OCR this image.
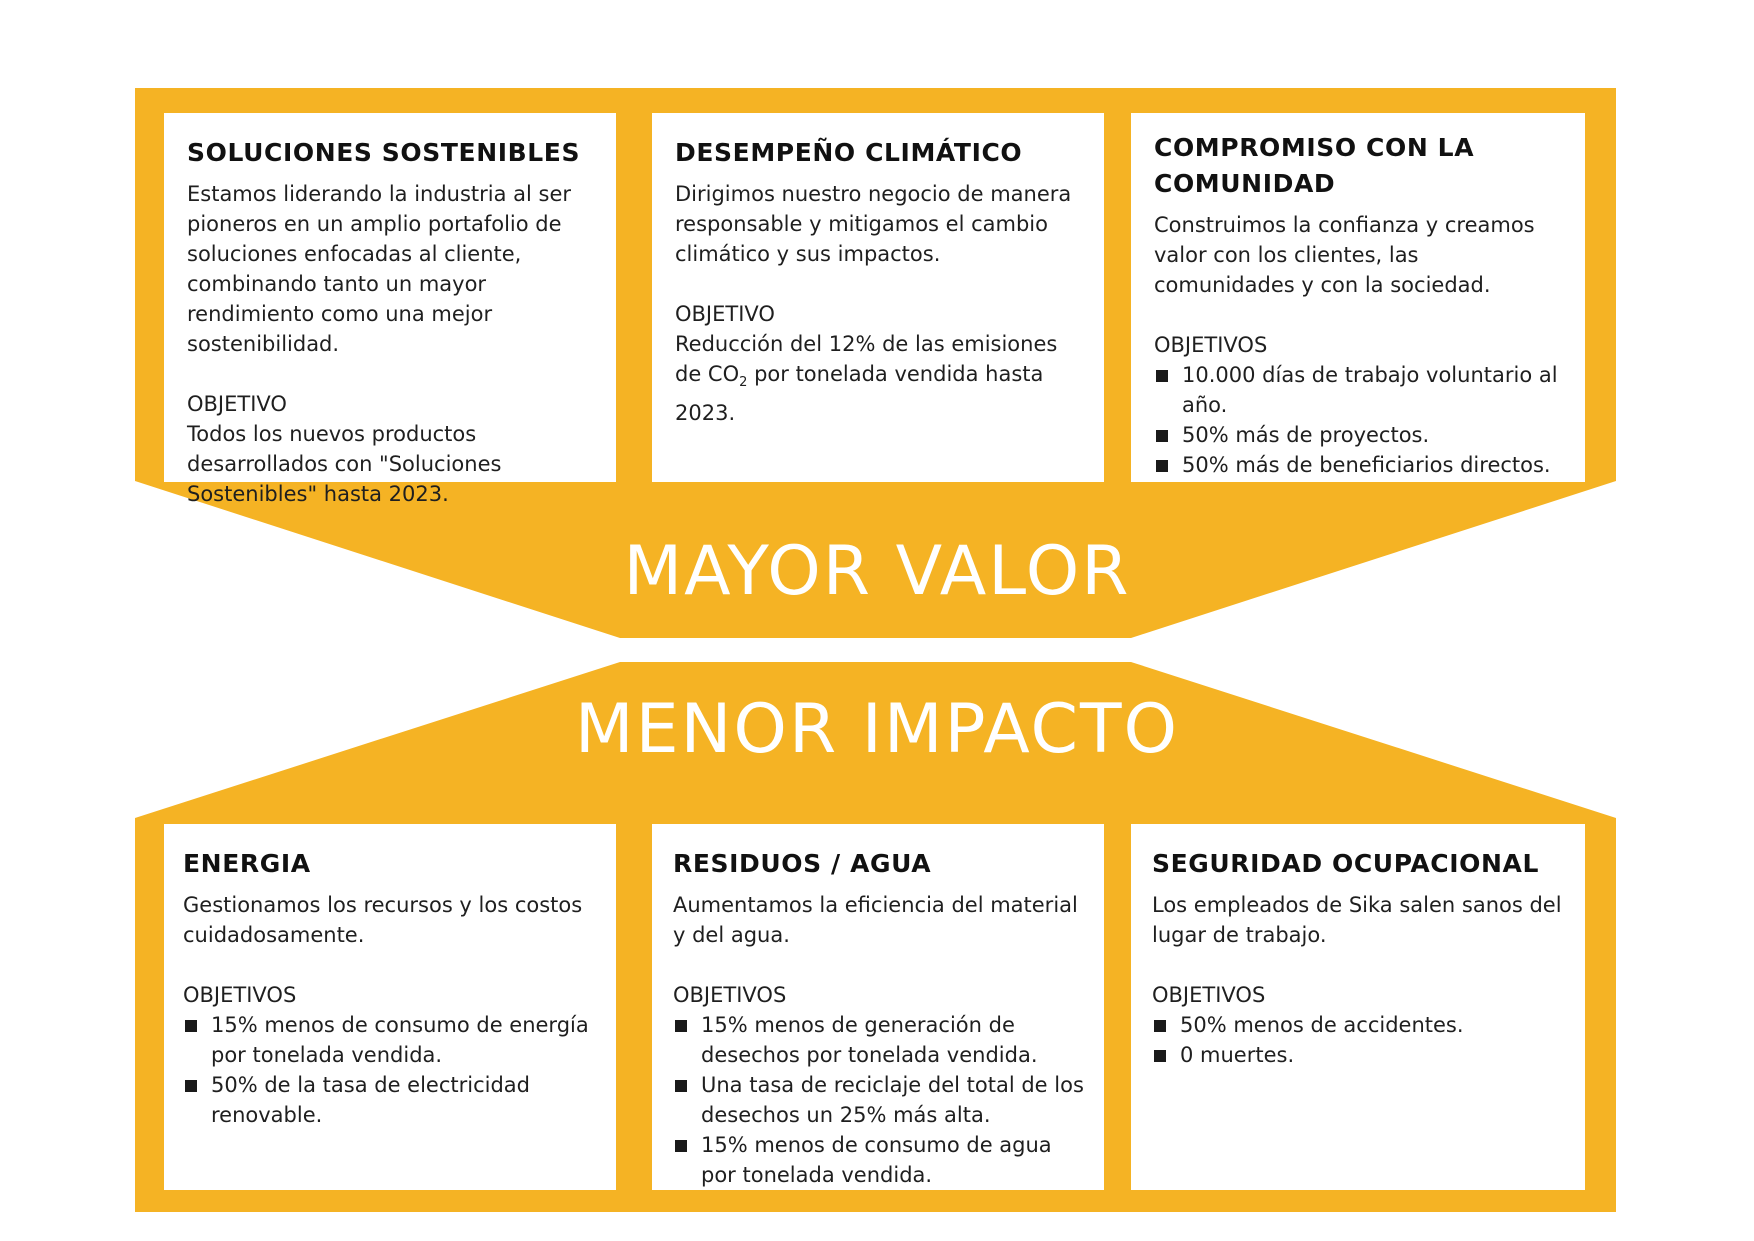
MAYOR VALOR
MENOR IMPACTO
SOLUCIONES SOSTENIBLES

Estamos liderando la industria al ser pioneros en un amplio portafolio de soluciones enfocadas al cliente, combinando tanto un mayor rendimiento como una mejor sostenibilidad.

OBJETIVO

Todos los nuevos productos desarrollados con "Soluciones Sostenibles" hasta 2023.

DESEMPEÑO CLIMÁTICO

Dirigimos nuestro negocio de manera responsable y mitigamos el cambio climático y sus impactos.

OBJETIVO

Reducción del 12% de las emisiones de $CO_2$ por tonelada vendida hasta 2023.

COMPROMISO CON LA COMUNIDAD

Construimos la confianza y creamos valor con los clientes, las comunidades y con la sociedad.

OBJETIVOS
10.000 días de trabajo voluntario al año.
50% más de proyectos.
50% más de beneficiarios directos.
ENERGIA

Gestionamos los recursos y los costos cuidadosamente.

OBJETIVOS
15% menos de consumo de energía por tonelada vendida.
50% de la tasa de electricidad renovable.
RESIDUOS / AGUA

Aumentamos la eficiencia del material y del agua.

OBJETIVOS
15% menos de generación de desechos por tonelada vendida.
Una tasa de reciclaje del total de los desechos un 25% más alta.
15% menos de consumo de agua por tonelada vendida.
SEGURIDAD OCUPACIONAL

Los empleados de Sika salen sanos del lugar de trabajo.

OBJETIVOS
50% menos de accidentes.
0 muertes.
